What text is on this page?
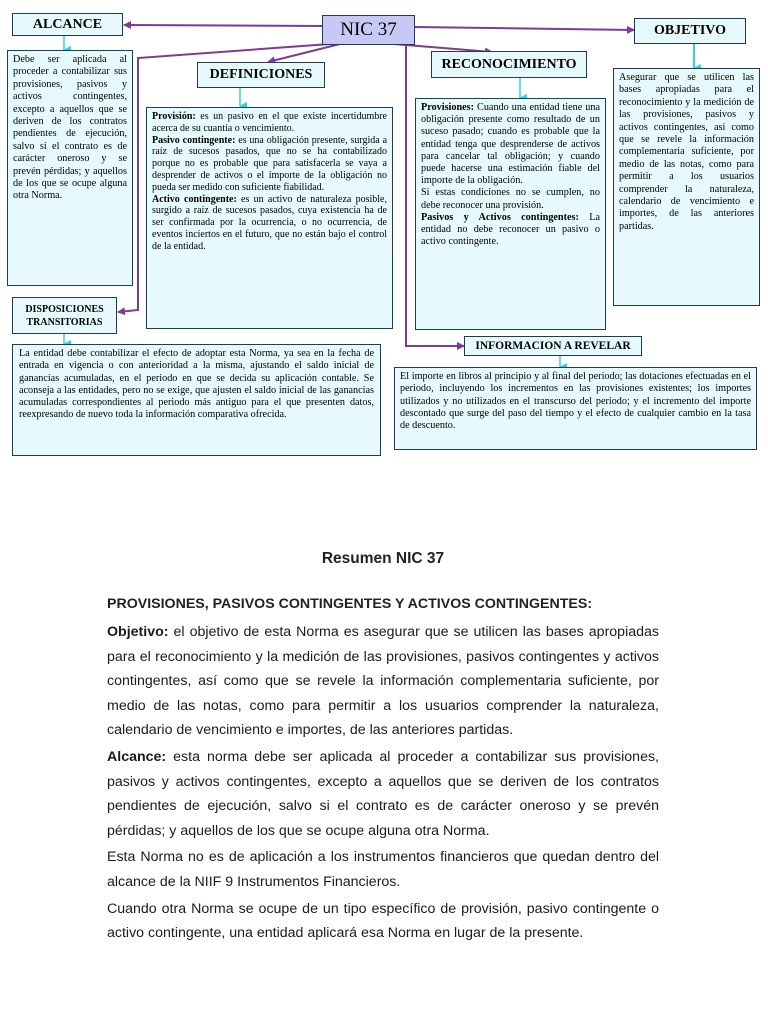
NIC 37
ALCANCE

Debe ser aplicada al proceder a contabilizar sus provisiones, pasivos y activos contingentes, excepto a aquellos que se deriven de los contratos pendientes de ejecución, salvo si el contrato es de carácter oneroso y se prevén pérdidas; y aquellos de los que se ocupe alguna otra Norma.

DEFINICIONES

Provisión: es un pasivo en el que existe incertidumbre acerca de su cuantía o vencimiento.

Pasivo contingente: es una obligación presente, surgida a raíz de sucesos pasados, que no se ha contabilizado porque no es probable que para satisfacerla se vaya a desprender de activos o el importe de la obligación no pueda ser medido con suficiente fiabilidad.

Activo contingente: es un activo de naturaleza posible, surgido a raíz de sucesos pasados, cuya existencia ha de ser confirmada por la ocurrencia, o no ocurrencia, de eventos inciertos en el futuro, que no están bajo el control de la entidad.

RECONOCIMIENTO

Provisiones: Cuando una entidad tiene una obligación presente como resultado de un suceso pasado; cuando es probable que la entidad tenga que desprenderse de activos para cancelar tal obligación; y cuando puede hacerse una estimación fiable del importe de la obligación.

Si estas condiciones no se cumplen, no debe reconocer una provisión.

Pasivos y Activos contingentes: La entidad no debe reconocer un pasivo o activo contingente.

OBJETIVO

Asegurar que se utilicen las bases apropiadas para el reconocimiento y la medición de las provisiones, pasivos y activos contingentes, así como que se revele la información complementaria suficiente, por medio de las notas, como para permitir a los usuarios comprender la naturaleza, calendario de vencimiento e importes, de las anteriores partidas.

DISPOSICIONES
TRANSITORIAS

La entidad debe contabilizar el efecto de adoptar esta Norma, ya sea en la fecha de entrada en vigencia o con anterioridad a la misma, ajustando el saldo inicial de ganancias acumuladas, en el periodo en que se decida su aplicación contable. Se aconseja a las entidades, pero no se exige, que ajusten el saldo inicial de las ganancias acumuladas correspondientes al periodo más antiguo para el que presenten datos, reexpresando de nuevo toda la información comparativa ofrecida.

INFORMACION A REVELAR

El importe en libros al principio y al final del periodo; las dotaciones efectuadas en el periodo, incluyendo los incrementos en las provisiones existentes; los importes utilizados y no utilizados en el transcurso del periodo; y el incremento del importe descontado que surge del paso del tiempo y el efecto de cualquier cambio en la tasa de descuento.

Resumen NIC 37
PROVISIONES, PASIVOS CONTINGENTES Y ACTIVOS CONTINGENTES:

Objetivo: el objetivo de esta Norma es asegurar que se utilicen las bases apropiadas para el reconocimiento y la medición de las provisiones, pasivos contingentes y activos contingentes, así como que se revele la información complementaria suficiente, por medio de las notas, como para permitir a los usuarios comprender la naturaleza, calendario de vencimiento e importes, de las anteriores partidas.

Alcance: esta norma debe ser aplicada al proceder a contabilizar sus provisiones, pasivos y activos contingentes, excepto a aquellos que se deriven de los contratos pendientes de ejecución, salvo si el contrato es de carácter oneroso y se prevén pérdidas; y aquellos de los que se ocupe alguna otra Norma.

Esta Norma no es de aplicación a los instrumentos financieros que quedan dentro del alcance de la NIIF 9 Instrumentos Financieros.

Cuando otra Norma se ocupe de un tipo específico de provisión, pasivo contingente o activo contingente, una entidad aplicará esa Norma en lugar de la presente.
